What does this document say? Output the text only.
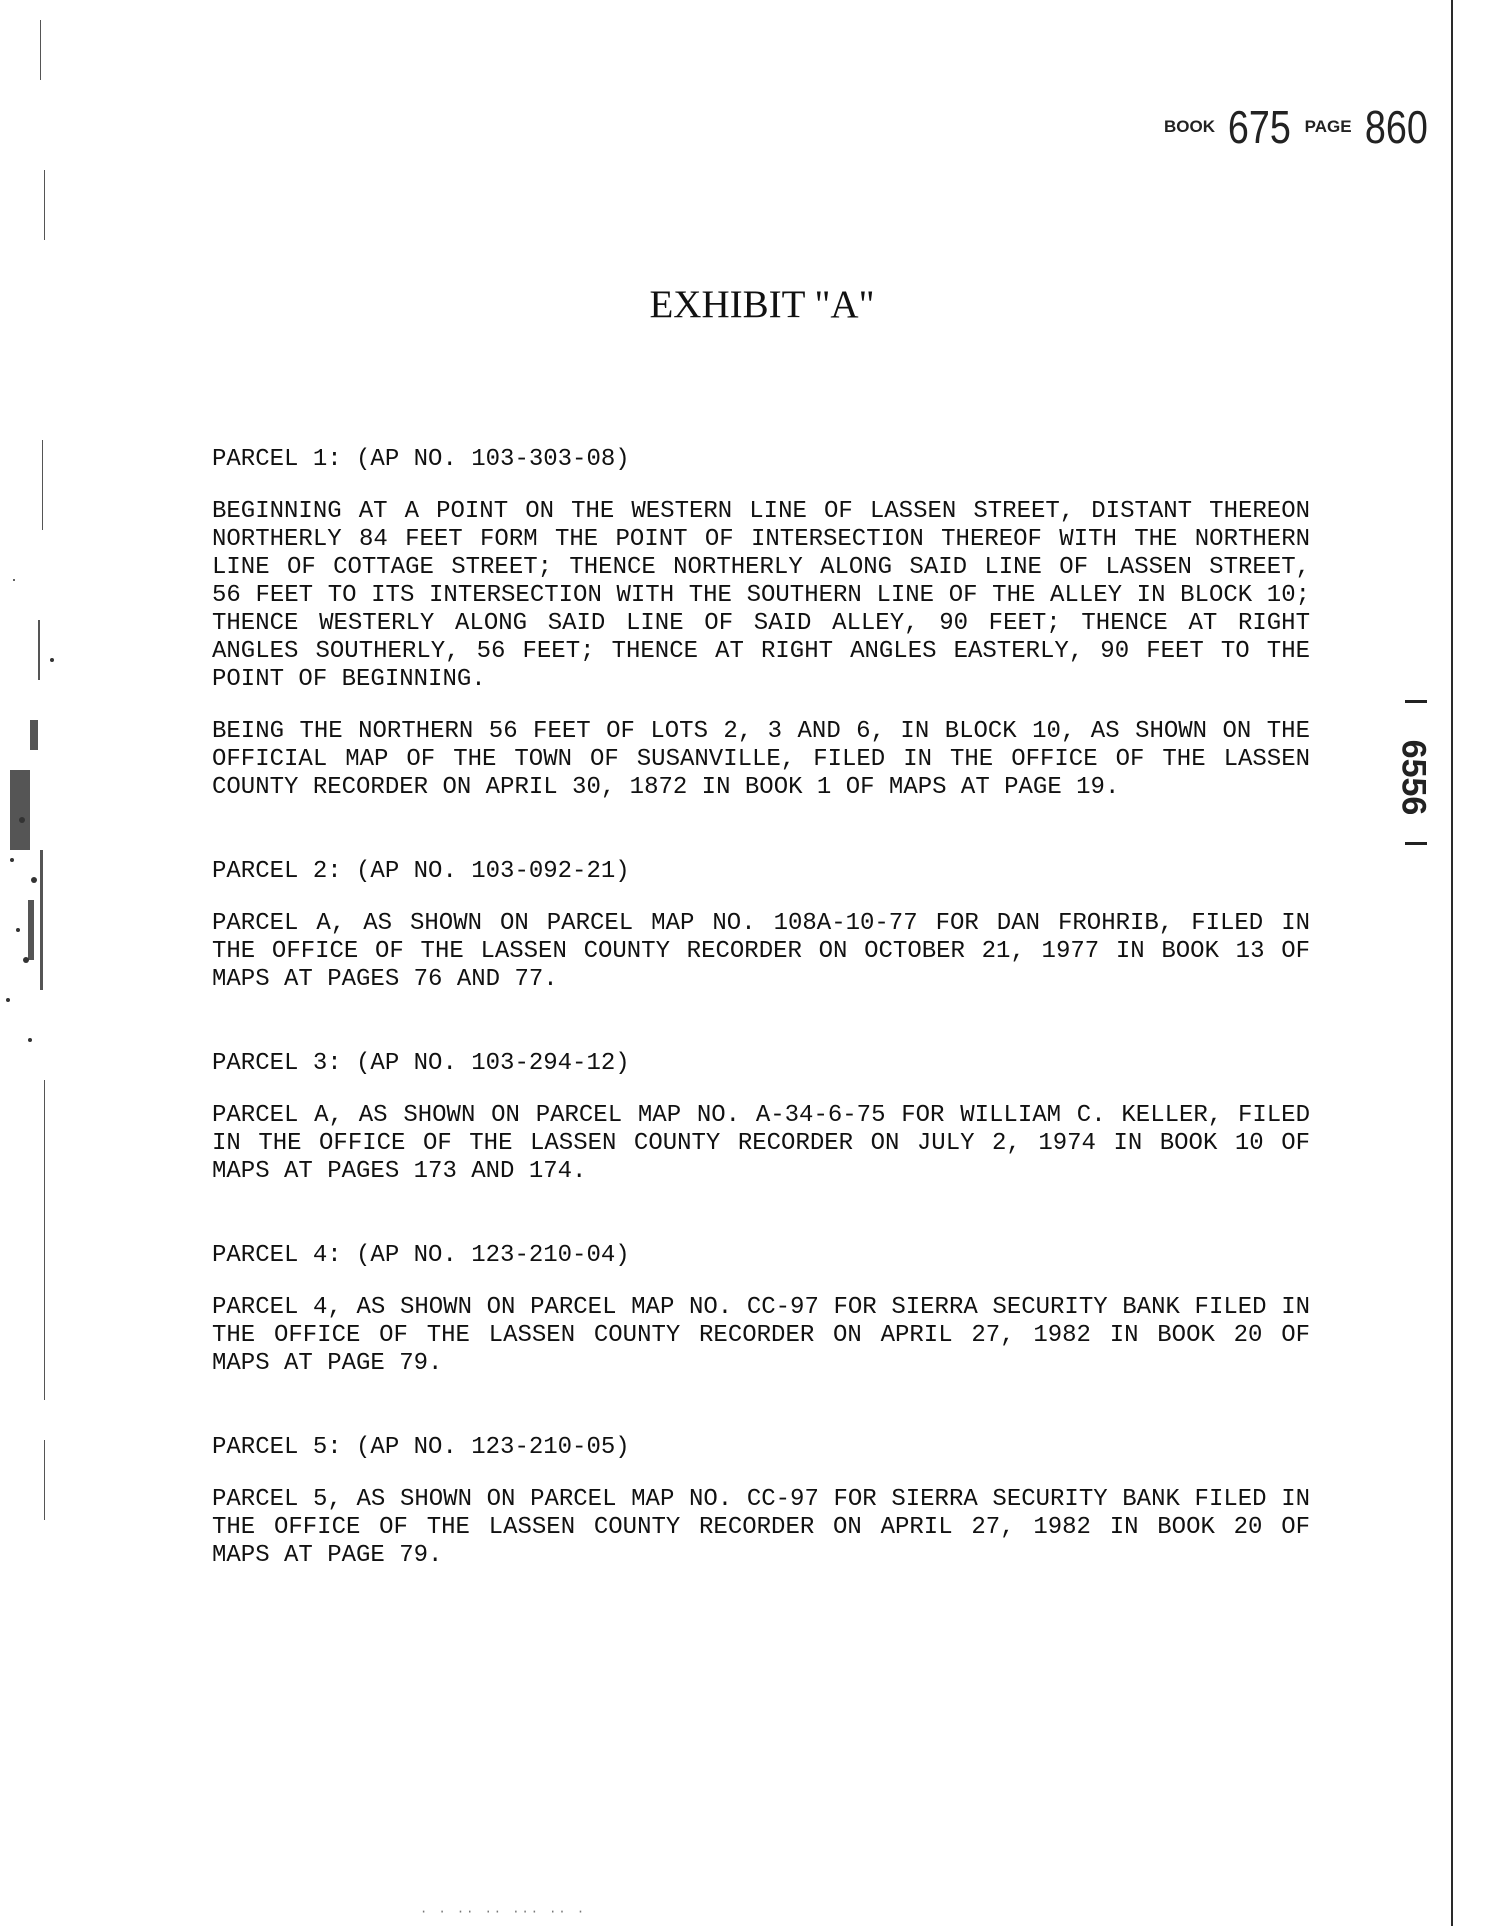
BOOK 675 PAGE 860
EXHIBIT "A"

PARCEL 1: (AP NO. 103-303-08)

BEGINNING AT A POINT ON THE WESTERN LINE OF LASSEN STREET, DISTANT THEREON NORTHERLY 84 FEET FORM THE POINT OF INTERSECTION THEREOF WITH THE NORTHERN LINE OF COTTAGE STREET; THENCE NORTHERLY ALONG SAID LINE OF LASSEN STREET, 56 FEET TO ITS INTERSECTION WITH THE SOUTHERN LINE OF THE ALLEY IN BLOCK 10; THENCE WESTERLY ALONG SAID LINE OF SAID ALLEY, 90 FEET; THENCE AT RIGHT ANGLES SOUTHERLY, 56 FEET; THENCE AT RIGHT ANGLES EASTERLY, 90 FEET TO THE POINT OF BEGINNING.

BEING THE NORTHERN 56 FEET OF LOTS 2, 3 AND 6, IN BLOCK 10, AS SHOWN ON THE OFFICIAL MAP OF THE TOWN OF SUSANVILLE, FILED IN THE OFFICE OF THE LASSEN COUNTY RECORDER ON APRIL 30, 1872 IN BOOK 1 OF MAPS AT PAGE 19.

PARCEL 2: (AP NO. 103-092-21)

PARCEL A, AS SHOWN ON PARCEL MAP NO. 108A-10-77 FOR DAN FROHRIB, FILED IN THE OFFICE OF THE LASSEN COUNTY RECORDER ON OCTOBER 21, 1977 IN BOOK 13 OF MAPS AT PAGES 76 AND 77.

PARCEL 3: (AP NO. 103-294-12)

PARCEL A, AS SHOWN ON PARCEL MAP NO. A-34-6-75 FOR WILLIAM C. KELLER, FILED IN THE OFFICE OF THE LASSEN COUNTY RECORDER ON JULY 2, 1974 IN BOOK 10 OF MAPS AT PAGES 173 AND 174.

PARCEL 4: (AP NO. 123-210-04)

PARCEL 4, AS SHOWN ON PARCEL MAP NO. CC-97 FOR SIERRA SECURITY BANK FILED IN THE OFFICE OF THE LASSEN COUNTY RECORDER ON APRIL 27, 1982 IN BOOK 20 OF MAPS AT PAGE 79.

PARCEL 5: (AP NO. 123-210-05)

PARCEL 5, AS SHOWN ON PARCEL MAP NO. CC-97 FOR SIERRA SECURITY BANK FILED IN THE OFFICE OF THE LASSEN COUNTY RECORDER ON APRIL 27, 1982 IN BOOK 20 OF MAPS AT PAGE 79.

6556
· · ·· ·· ··· ·· ·
